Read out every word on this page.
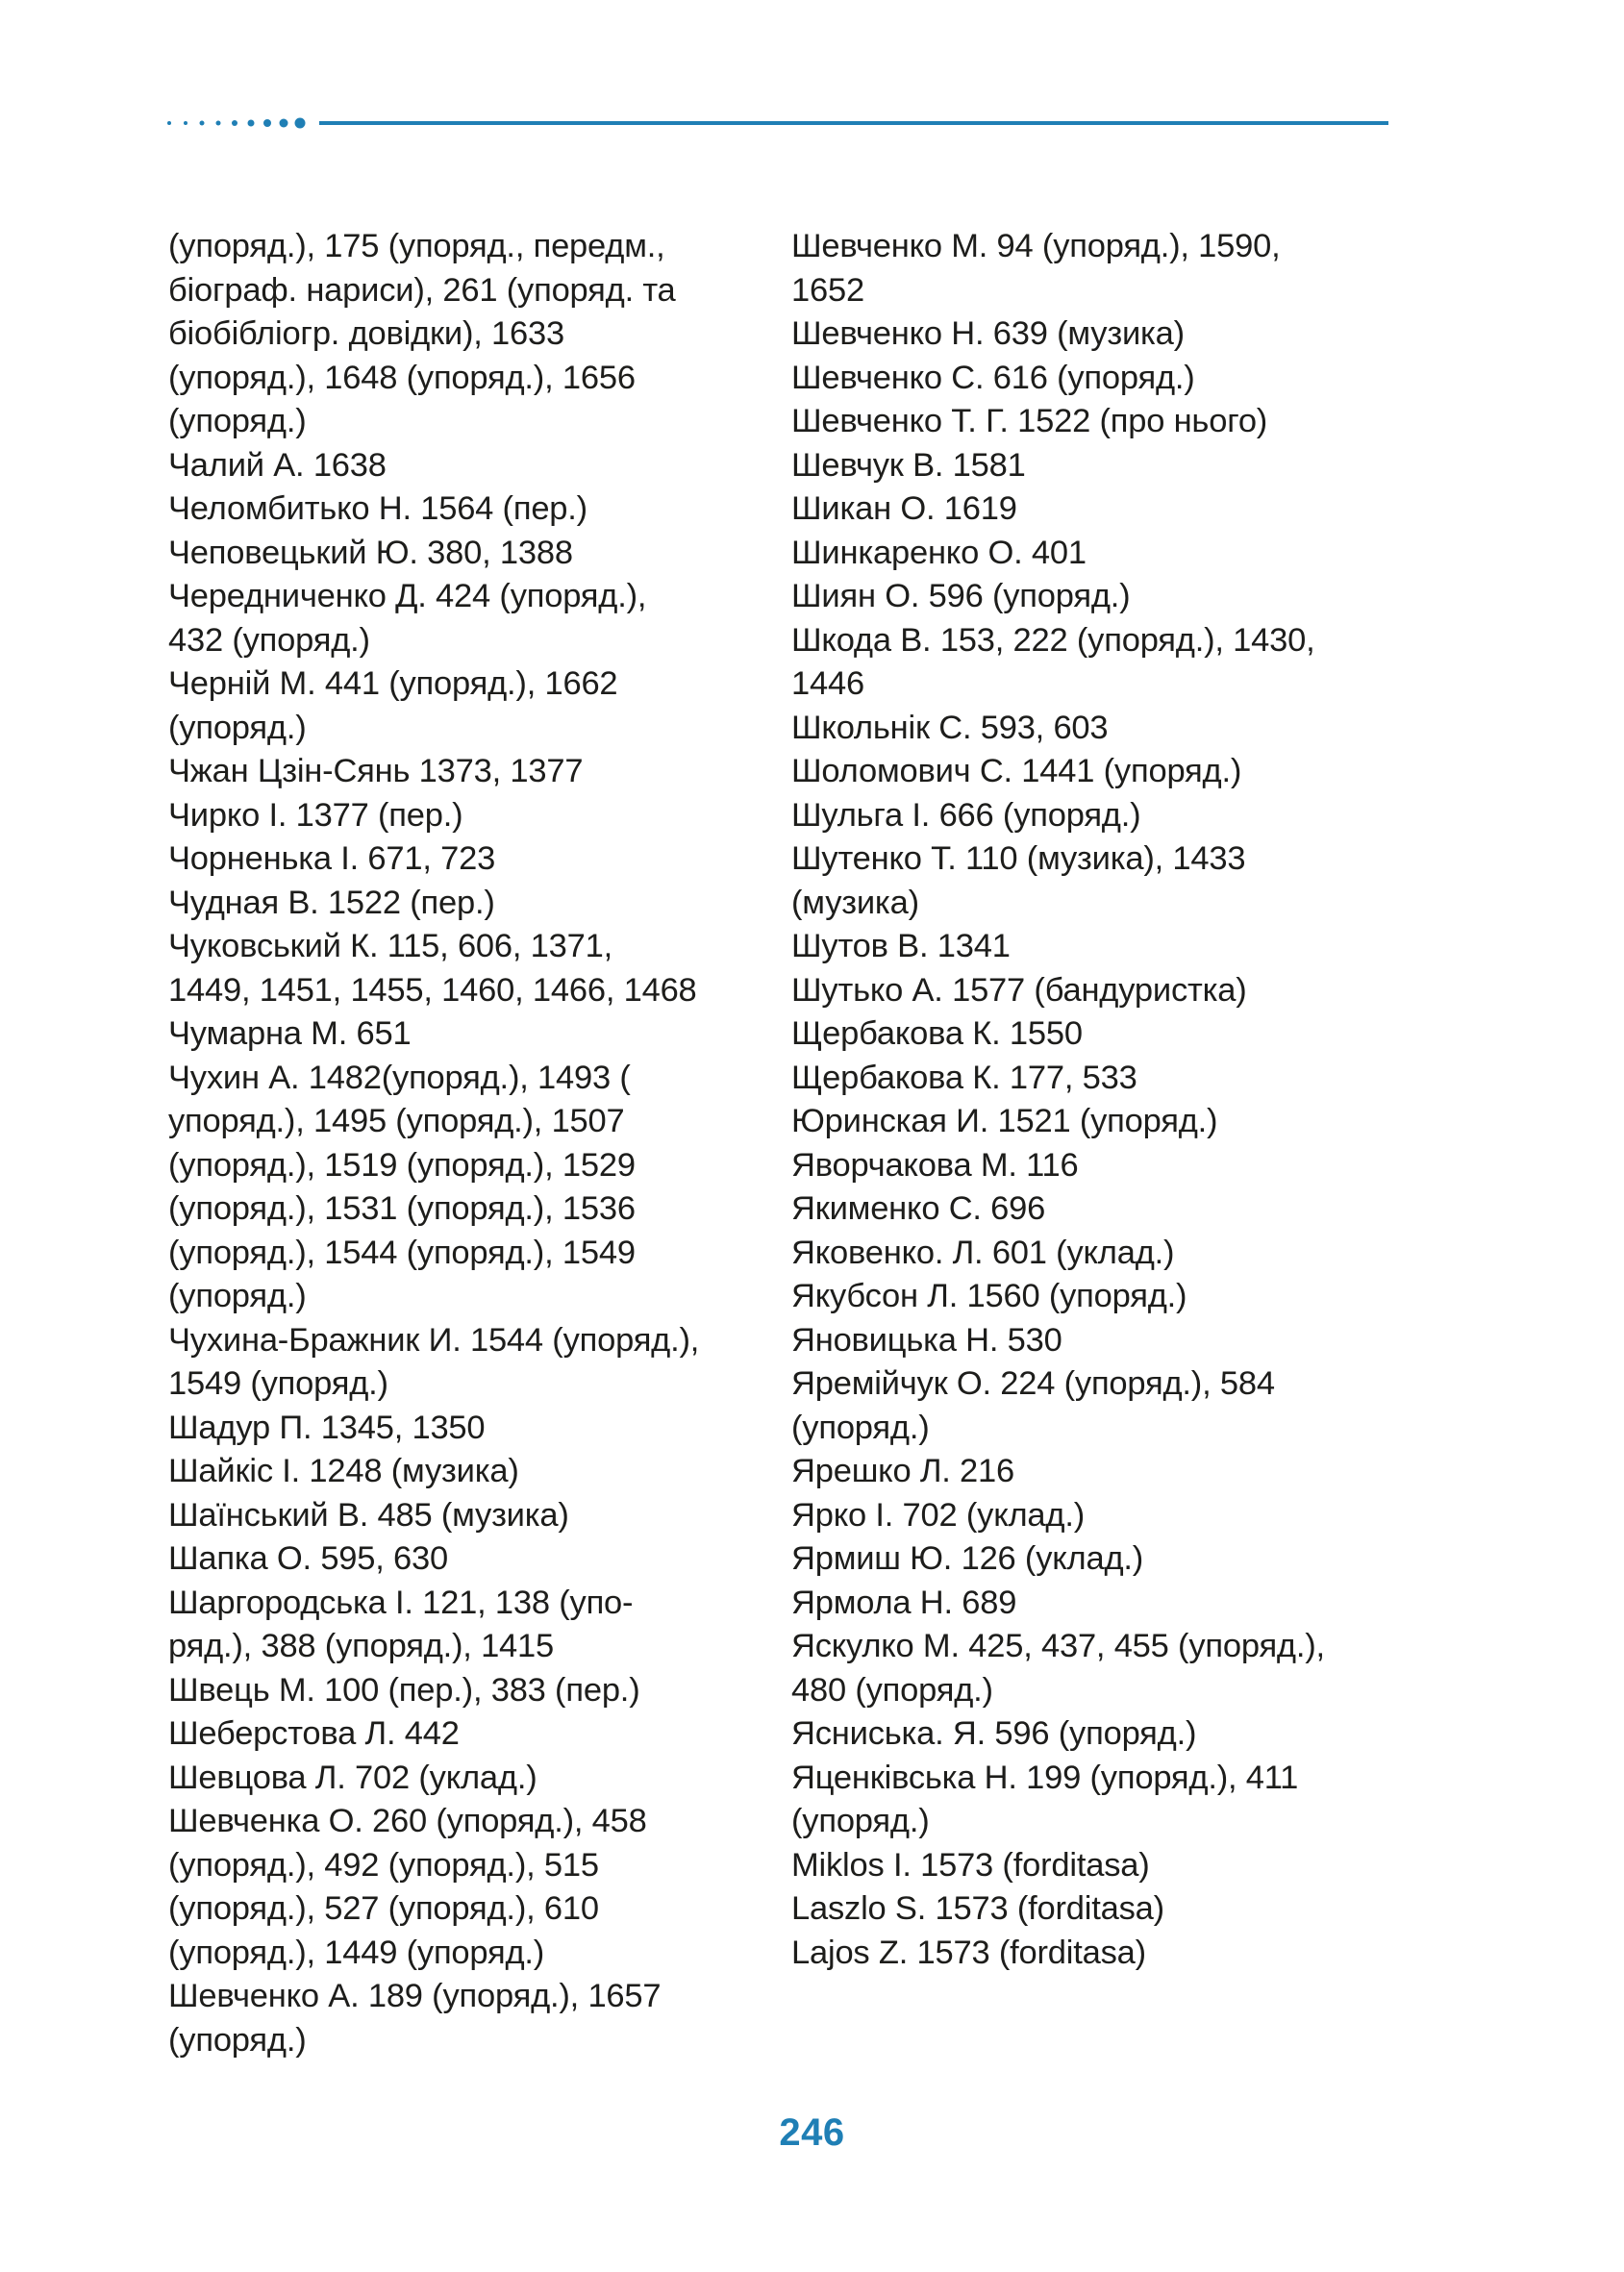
(упоряд.), 175 (упоряд., передм.,
біограф. нариси), 261 (упоряд. та
біобібліогр. довідки), 1633
(упоряд.), 1648 (упоряд.), 1656
(упоряд.)
Чалий А. 1638
Челомбитько Н. 1564 (пер.)
Чеповецький Ю. 380, 1388
Чередниченко Д. 424 (упоряд.),
432 (упоряд.)
Черній М. 441 (упоряд.), 1662
(упоряд.)
Чжан Цзін-Сянь 1373, 1377
Чирко І. 1377 (пер.)
Чорненька І. 671, 723
Чудная В. 1522 (пер.)
Чуковський К. 115, 606, 1371,
1449, 1451, 1455, 1460, 1466, 1468
Чумарна М. 651
Чухин А. 1482(упоряд.), 1493 (
упоряд.), 1495 (упоряд.), 1507
(упоряд.), 1519 (упоряд.), 1529
(упоряд.), 1531 (упоряд.), 1536
(упоряд.), 1544 (упоряд.), 1549
(упоряд.)
Чухина-Бражник И. 1544 (упоряд.),
1549 (упоряд.)
Шадур П. 1345, 1350
Шайкіс І. 1248 (музика)
Шаїнський В. 485 (музика)
Шапка О. 595, 630
Шаргородська І. 121, 138 (упо-
ряд.), 388 (упоряд.), 1415
Швець М. 100 (пер.), 383 (пер.)
Шеберстова Л. 442
Шевцова Л. 702 (уклад.)
Шевченка О. 260 (упоряд.), 458
(упоряд.), 492 (упоряд.), 515
(упоряд.), 527 (упоряд.), 610
(упоряд.), 1449 (упоряд.)
Шевченко А. 189 (упоряд.), 1657
(упоряд.)
Шевченко М. 94 (упоряд.), 1590,
1652
Шевченко Н. 639 (музика)
Шевченко С. 616 (упоряд.)
Шевченко Т. Г. 1522 (про нього)
Шевчук В. 1581
Шикан О. 1619
Шинкаренко О. 401
Шиян О. 596 (упоряд.)
Шкода В. 153, 222 (упоряд.), 1430,
1446
Школьнік С. 593, 603
Шоломович С. 1441 (упоряд.)
Шульга І. 666 (упоряд.)
Шутенко Т. 110 (музика), 1433
(музика)
Шутов В. 1341
Шутько А. 1577 (бандуристка)
Щербакова К. 1550
Щербакова К. 177, 533
Юринская И. 1521 (упоряд.)
Яворчакова М. 116
Якименко С. 696
Яковенко. Л. 601 (уклад.)
Якубсон Л. 1560 (упоряд.)
Яновицька Н. 530
Яремійчук О. 224 (упоряд.), 584
(упоряд.)
Ярешко Л. 216
Ярко І. 702 (уклад.)
Ярмиш Ю. 126 (уклад.)
Ярмола Н. 689
Яскулко М. 425, 437, 455 (упоряд.),
480 (упоряд.)
Ясниська. Я. 596 (упоряд.)
Яценківська Н. 199 (упоряд.), 411
(упоряд.)
Miklos I. 1573 (forditasa)
Laszlo S. 1573 (forditasa)
Lajos Z. 1573 (forditasa)
246
